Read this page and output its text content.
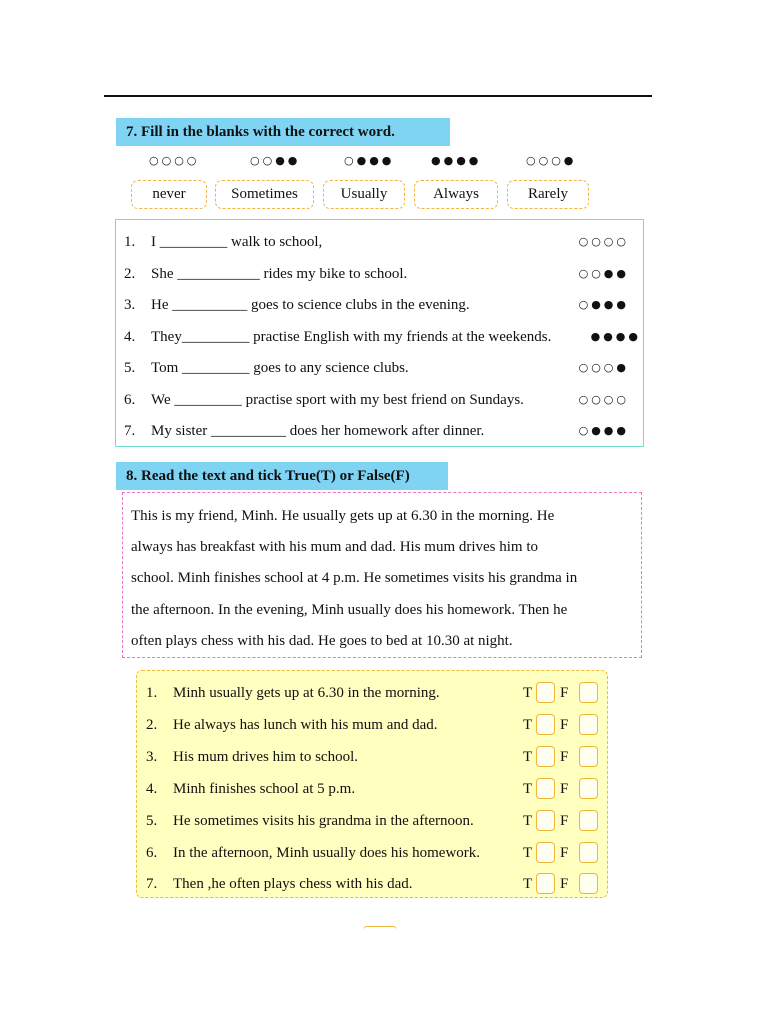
7. Fill in the blanks with the correct word.
○○○○	○○●●	○●●●	●●●●	○○○●
never	Sometimes	Usually	Always	Rarely
1. I _________ walk to school,	○○○○
2. She ___________ rides my bike to school.	○○●●
3. He __________ goes to science clubs in the evening.	○●●●
4. They_________ practise English with my friends at the weekends.	●●●●
5. Tom _________ goes to any science clubs.	○○○●
6. We _________ practise sport with my best friend on Sundays.	○○○○
7. My sister __________ does her homework after dinner.	○●●●
8. Read the text and tick True(T) or False(F)
This is my friend, Minh. He usually gets up at 6.30 in the morning. He
always has breakfast with his mum and dad. His mum drives him to
school. Minh finishes school at 4 p.m. He sometimes visits his grandma in
the afternoon. In the evening, Minh usually does his homework. Then he
often plays chess with his dad. He goes to bed at 10.30 at night.
1. Minh usually gets up at 6.30 in the morning.	T F
2. He always has lunch with his mum and dad.	T F
3. His mum drives him to school.	T F
4. Minh finishes school at 5 p.m.	T F
5. He sometimes visits his grandma in the afternoon.	T F
6. In the afternoon, Minh usually does his homework.	T F
7. Then ,he often plays chess with his dad.	T F
